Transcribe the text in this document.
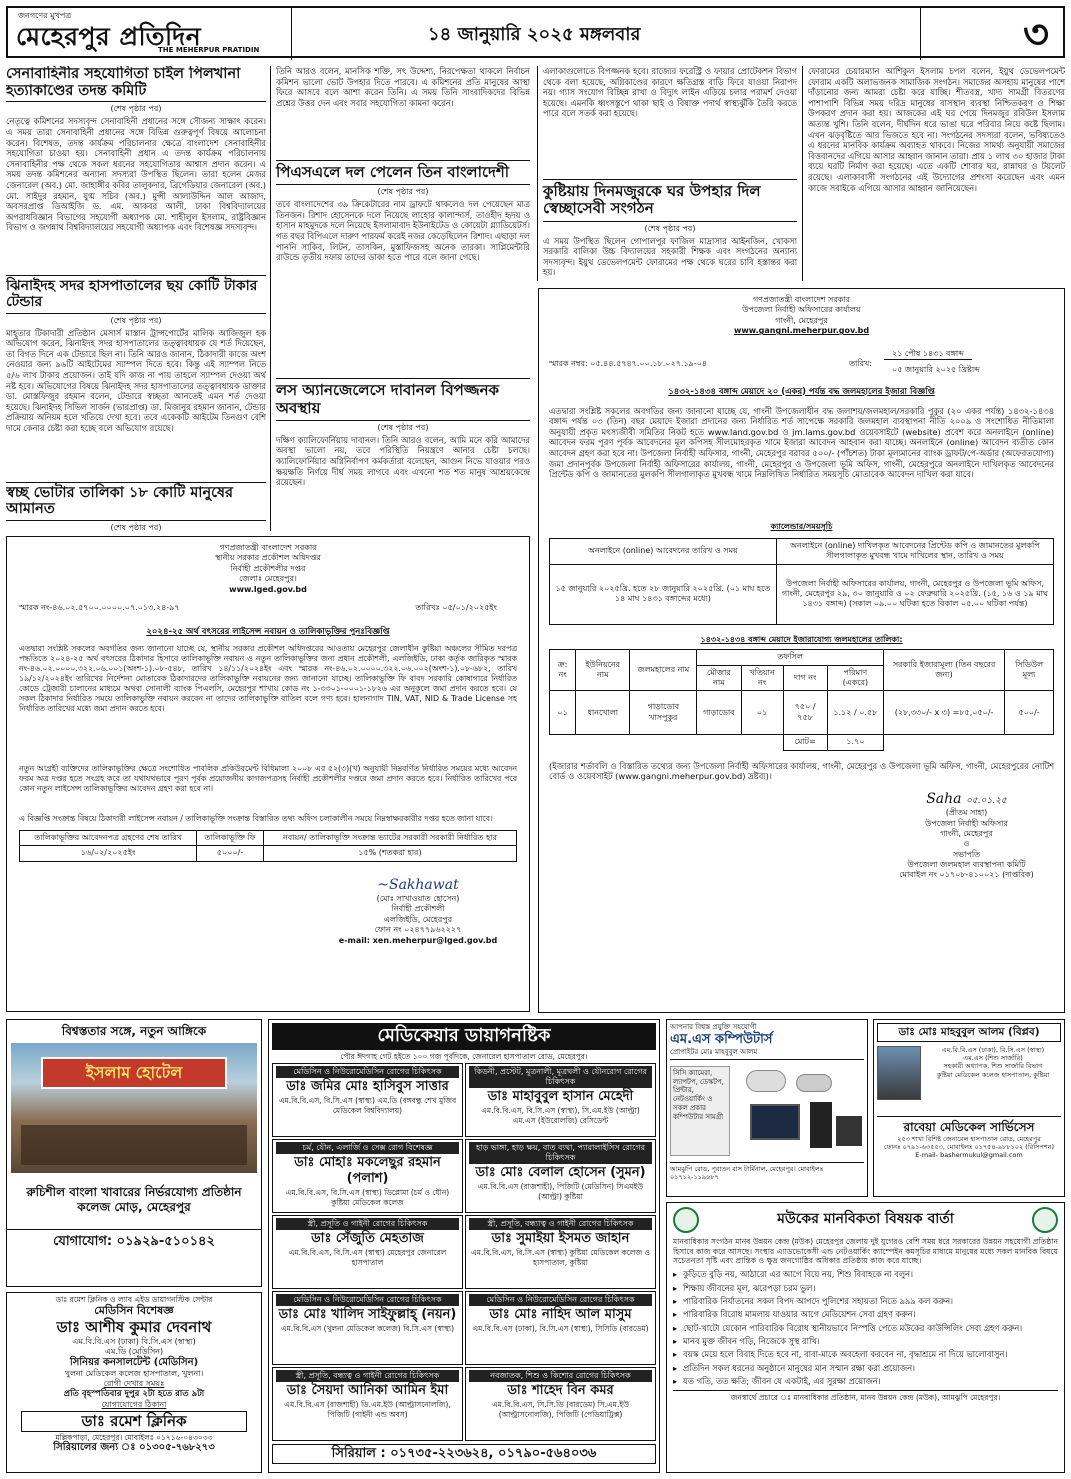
জনগণের মুখপত্র
মেহেরপুর প্রতিদিন
THE MEHERPUR PRATIDIN
১৪ জানুয়ারি ২০২৫ মঙ্গলবার	৩
সেনাবাহিনীর সহযোগিতা চাইল পিলখানা হত্যাকাণ্ডের তদন্ত কমিটি
(শেষ পৃষ্ঠার পর)
নেতৃত্বে কমিশনের সদস্যবৃন্দ সেনাবাহিনী প্রধানের সঙ্গে সৌজন্য সাক্ষাৎ করেন। এ সময় তারা সেনাবাহিনী প্রধানের সঙ্গে বিভিন্ন গুরুত্বপূর্ণ বিষয়ে আলোচনা করেন। বিশেষত, তদন্ত কার্যক্রম পরিচালনার ক্ষেত্রে বাংলাদেশ সেনাবাহিনীর সহযোগিতা চাওয়া হয়। সেনাবাহিনী প্রধান এ তদন্ত কার্যক্রম পরিচালনায় সেনাবাহিনীর পক্ষ থেকে সকল ধরনের সহযোগিতার আশ্বাস প্রদান করেন। এ সময় তদন্ত কমিশনের অন্যান্য সদস্যরা উপস্থিত ছিলেন। তারা হলেন মেজর জেনারেল (অব.) মো. জাহাঙ্গীর কবির তালুকদার, ব্রিগেডিয়ার জেনারেল (অব.) মো. সাইদুর রহমান, যুগ্ম সচিব (অব.) মুন্সী আলাউদ্দিন আল আজাদ, অবসরপ্রাপ্ত ডিআইজি ড. এম. আকবর আলী, ঢাকা বিশ্ববিদ্যালয়ের অপরাধবিজ্ঞান বিভাগের সহযোগী অধ্যাপক মো. শাহীলুল ইসলাম, রাষ্ট্রবিজ্ঞান বিভাগ ও জগন্নাথ বিশ্ববিদ্যালয়ের সহযোগী অধ্যাপক এবং বিশেষজ্ঞ সদস্যবৃন্দ।
ঝিনাইদহ সদর হাসপাতালের ছয় কোটি টাকার টেন্ডার
(শেষ পৃষ্ঠার পর)
মাহ্তার টিকাদারী প্রতিষ্ঠান মেসার্স মাস্তান ট্রান্সপোর্টের মালিক আজিজুল হক অভিযোগ করেন, ঝিনাইদহ সদর হাসপাতালের তত্ত্বাবধায়ক যে শর্ত দিয়েছেন, তা বিগত দিনে এক টেন্ডারে ছিল না। তিনি আরও জানান, ঠিকাদারী কাজে অংশ নেওয়ার জন্য ৯৬টি আইটেমের স্যাম্পল দিতে হবে। কিন্তু এই স্যাম্পল নিতে ৫/৬ লাখ টাকার প্রয়োজন। তাই যদি কাজ না পায় তাহলে স্যাম্পল দেওয়া অর্থ নষ্ট হবে। অভিযোগের বিষয়ে ঝিনাইদহ সদর হাসপাতালের তত্ত্বাবধায়ক ডাক্তার ডা. মোস্তফিজুর রহমান বলেন, টেন্ডারে স্বচ্ছতা আনতেই এমন শর্ত দেওয়া হয়েছে। ঝিনাইদহ সিভিল সার্জন (ভারপ্রাপ্ত) ডা. মিজানুর রহমান জানান, টেন্ডার প্রক্রিয়ায় অনিয়ম হলে খতিয়ে দেখা হবে। তবে একেকটি আইটেম তিনগুণ বেশি দামে কেনার চেষ্টা করা হচ্ছে বলে অভিযোগ রয়েছে।
স্বচ্ছ ভোটার তালিকা ১৮ কোটি মানুষের আমানত
(শেষ পৃষ্ঠার পর)
তিনি আরও বলেন, মানসিক শক্তি, সৎ উদ্দেশ্য, নিরপেক্ষতা থাকলে নির্বাচন কমিশন ভালো ভোট উপহার দিতে পারবে। এ কমিশনের প্রতি মানুষের আস্থা ফিরে আসবে বলে আশা করেন তিনি। এ সময় তিনি সাংবাদিকদের বিভিন্ন প্রশ্নের উত্তর দেন এবং সবার সহযোগিতা কামনা করেন।
পিএসএলে দল পেলেন তিন বাংলাদেশী
(শেষ পৃষ্ঠার পর)
তবে বাংলাদেশের ৩৯ ক্রিকেটারের নাম ড্রাফটে থাকলেও দল পেয়েছেন মাত্র তিনজন। রিশাদ হোসেনকে দলে নিয়েছে লাহোর কালান্দার্স, তাওহীদ হৃদয় ও হাসান মাহমুদকে দলে নিয়েছে ইসলামাবাদ ইউনাইটেড ও কোয়েটা গ্ল্যাডিয়েটর্স। গত বছর বিপিএলে দারুণ পারফর্ম করেই নজর কেড়েছিলেন রিশাদ। এছাড়া দল পাননি সাকিব, লিটন, তাসকিন, মুস্তাফিজসহ অনেক তারকা। সাপ্লিমেন্টারি রাউন্ডে তৃতীয় দফায় তাদের ডাকা হতে পারে বলে জানা গেছে।
লস অ্যানজেলেসে দাবানল বিপজ্জনক অবস্থায়
(শেষ পৃষ্ঠার পর)
দক্ষিণ ক্যালিফোর্নিয়ায় দাবানল। তিনি আরও বলেন, আমি মনে করি আমাদের অবস্থা ভালো নয়, তবে পরিস্থিতি নিয়ন্ত্রণে আনার চেষ্টা চলছে। ক্যালিফোর্নিয়ার অগ্নিনির্বাপণ কর্মকর্তারা বলেছেন, আগুন নিভে যাওয়ার পরও ক্ষয়ক্ষতি নির্ণয়ে দীর্ঘ সময় লাগবে এবং এখনো শত শত মানুষ আশ্রয়কেন্দ্রে রয়েছেন।
এলাকাগুলোতে বিপজ্জনক হবে। রাজ্যের ফরেস্ট্রি ও ফায়ার প্রোটেকশন বিভাগ থেকে বলা হয়েছে, অগ্নিকাণ্ডের কারণে ক্ষতিগ্রস্ত বাড়ি ফিরে যাওয়া নিরাপদ নয়। গ্যাস সংযোগ বিচ্ছিন্ন রাখা ও বিদ্যুৎ লাইন এড়িয়ে চলার পরামর্শ দেওয়া হয়েছে। এমনকি ধ্বংসস্তূপে থাকা ছাই ও বিষাক্ত পদার্থ স্বাস্থ্যঝুঁকি তৈরি করতে পারে বলে সতর্ক করা হয়েছে।
কুষ্টিয়ায় দিনমজুরকে ঘর উপহার দিল স্বেচ্ছাসেবী সংগঠন
(শেষ পৃষ্ঠার পর)
এ সময় উপস্থিত ছিলেন গোপালপুর ফাজিল মাদ্রাসার আইনজিন, খোকসা সরকারি বালিকা উচ্চ বিদ্যালয়ের সহকারী শিক্ষক এবং সংগঠনের অন্যান্য সদস্যবৃন্দ। ইয়ুথ ডেভেলপমেন্ট ফোরামের পক্ষ থেকে ঘরের চাবি হস্তান্তর করা হয়।
ফোরামের চেয়ারম্যান আশিকুল ইসলাম চপল বলেন, ইয়ুথ ডেভেলপমেন্ট ফোরাম একটি অলাভজনক সামাজিক সংগঠন। সমাজের অসহায় মানুষের পাশে দাঁড়ানোর জন্য আমরা চেষ্টা করে যাচ্ছি। শীতবস্ত্র, খাদ্য সামগ্রী বিতরণের পাশাপাশি বিভিন্ন সময় দরিদ্র মানুষের বাসস্থান ব্যবস্থা নিশ্চিতকরণ ও শিক্ষা উপকরণ প্রদান করা হয়। আজকের এই ঘর পেয়ে দিনমজুর রবিউল ইসলাম অত্যন্ত খুশি। তিনি বলেন, দীর্ঘদিন ধরে ভাঙা ঘরে পরিবার নিয়ে কষ্টে ছিলাম। এখন ঝড়বৃষ্টিতে আর ভিজতে হবে না। সংগঠনের সদস্যরা বলেন, ভবিষ্যতেও এ ধরনের মানবিক কার্যক্রম অব্যাহত থাকবে। নিজের সামর্থ্য অনুযায়ী সমাজের বিত্তবানদের এগিয়ে আসার আহ্বান জানান তারা। প্রায় ১ লাখ ৩০ হাজার টাকা ব্যয়ে ঘরটি নির্মাণ করা হয়েছে। এতে একটি শোবার ঘর, রান্নাঘর ও টয়লেট রয়েছে। এলাকাবাসী সংগঠনের এই উদ্যোগের প্রশংসা করেছেন এবং এমন কাজে সবাইকে এগিয়ে আসার আহ্বান জানিয়েছেন।
গণপ্রজাতন্ত্রী বাংলাদেশ সরকার
উপজেলা নির্বাহী অফিসারের কার্যালয়
গাংনী, মেহেরপুর
www.gangni.meherpur.gov.bd
স্মারক নম্বর: ০৫.৪৪.৫৭৪৭.০০.১৮.০২৭.১৯-০৪	তারিখ:
২১ পৌষ ১৪৩১ বঙ্গাব্দ
০৫ জানুয়ারি ২০২৫ খ্রিষ্টাব্দ
১৪৩২-১৪৩৪ বঙ্গাব্দ মেয়াদে ২০ (একর) পর্যন্ত বদ্ধ জলমহালের ইজারা বিজ্ঞপ্তি
এতদ্বারা সংশ্লিষ্ট সকলের অবগতির জন্য জানানো যাচ্ছে যে, গাংনী উপজেলাধীন বদ্ধ জলাশয়/জলমহাল/সরকারি পুকুর (২০ একর পর্যন্ত) ১৪৩২-১৪৩৪ বঙ্গাব্দ পর্যন্ত ০৩ (তিন) বছর মেয়াদে ইজারা প্রদানের জন্য নির্ধারিত শর্ত সাপেক্ষে সরকারি জলমহাল ব্যবস্থাপনা নীতি ২০০৯ ও সংশোধিত নীতিমালা অনুযায়ী প্রকৃত মৎস্যজীবী সমিতির নিকট হতে www.land.gov.bd ও jm.lams.gov.bd ওয়েবসাইটে (website) প্রবেশ করে অনলাইনে (online) আবেদন ফরম পূরণ পূর্বক আবেদনের মূল কপিসহ সীলমোহরকৃত খামে ইজারা আবেদন আহবান করা যাচ্ছে। অনলাইনে (online) আবেদন ব্যতীত কোন আবেদন গ্রহণ করা হবে না। উপজেলা নির্বাহী অফিসার, গাংনী, মেহেরপুর বরাবর ৫০০/- (পাঁচশত) টাকা মূল্যমানের ব্যাংক ড্রাফট/পে-অর্ডার (অফেরতযোগ্য) জমা প্রদানপূর্বক উপজেলা নির্বাহী অফিসারের কার্যালয়, গাংনী, মেহেরপুর ও উপজেলা ভূমি অফিস, গাংনী, মেহেরপুরে অনলাইনে দাখিলকৃত আবেদনের প্রিন্টেড কপি ও জামানতের মুলকপি সীলগালাকৃত মুখবন্ধ খামে নিম্নলিখিত নির্ধারিত সময়সূচি মোতাবেক আবেদন দাখিল করা যাবে।
ক্যালেন্ডার/সময়সূচি
অনলাইনে (online) আবেদনের তারিখ ও সময়	অনলাইনে (online) দাখিলকৃত আবেদনের প্রিন্টেড কপি ও জামানতের মুলকপি সীলগালাকৃত মুখবন্ধ খামে দাখিলের স্থান, তারিখ ও সময়
১৫ জানুয়ারি ২০২৫খ্রি. হতে ২৮ জানুয়ারি ২০২৫খ্রি. (০১ মাঘ হতে ১৪ মাঘ ১৪৩১ বঙ্গাব্দের মধ্যে)	উপজেলা নির্বাহী অফিসারের কার্যালয়, গাংনী, মেহেরপুর ও উপজেলা ভূমি অফিস, গাংনী, মেহেরপুর ২৯, ৩০ জানুয়ারি ও ০২ ফেব্রুয়ারি ২০২৫খ্রি. (১৫, ১৬ ও ১৯ মাঘ ১৪৩১ বঙ্গাব্দ) (সকাল ০৯.০০ ঘটিকা হতে বিকাল ০৫.০০ ঘটিকা পর্যন্ত)
১৪৩২-১৪৩৪ বঙ্গাব্দ মেয়াদে ইজারাযোগ্য জলমহালের তালিকা:
ক্র: নং	ইউনিয়নের নাম	জলমহালের নাম	তফসিল				সরকারি ইজারামূল্য (তিন বছরের জন্য)	সিডিউল মূল্য
			মৌজার নাম	খতিয়ান নং	দাগ নং	পরিমাণ (একরে)		
০১	ধানখোলা	গাড়াডোব খাসপুকুর	গাড়াডোব	০১	৭৫০ / ৭৫৮	১.১২ / ০.৫৮	(২৮,৩৩০/- x ৩) =৮৫,০৫০/-	৫০০/-
					মোট=	১.৭০		
(ইজারার শর্তাবলি ও বিস্তারিত তথ্যের জন্য উপজেলা নির্বাহী অফিসারের কার্যালয়, গাংনী, মেহেরপুর ও উপজেলা ভূমি অফিস, গাংনী, মেহেরপুরের নোটিশ বোর্ড ও ওয়েবসাইট (www.gangni.meherpur.gov.bd) দ্রষ্টব্য)।
Saha ০৫.০১.২৫
(প্রীতম সাহা)
উপজেলা নির্বাহী অফিসার
গাংনী, মেহেরপুর
ও
সভাপতি
উপজেলা জলমহাল ব্যবস্থাপনা কমিটি
মোবাইল নং ০১৭০৮-৪১০০২১ (দাপ্তরিক)
গণপ্রজাতন্ত্রী বাংলাদেশ সরকার
স্থানীয় সরকার প্রকৌশল অধিদপ্তর
নির্বাহী প্রকৌশলীর দপ্তর
জেলাঃ মেহেরপুর।
www.lged.gov.bd
স্মারক নং-৪৬.০২.৫৭০০.০০০০.০৭.০১৩.২৪-৯৭	তারিখঃ ০৫/০১/২০২৫ইং
২০২৪-২৫ অর্থ বৎসরের লাইসেন্স নবায়ন ও তালিকাভূক্তির পুনঃবিজ্ঞপ্তি
এতদ্বারা সংশ্লিষ্ট সকলের অবগতির জন্য জানানো যাচ্ছে যে, স্থানীয় সরকার প্রকৌশল অধিদপ্তরের আওতায় মেহেরপুর জেলাধীন কুষ্টিয়া অঞ্চলের সীমিত দরপত্র পদ্ধতিতে ২০২৪-২৫ অর্থ বৎসরের ঠিকাদার হিসাবে তালিকাভূক্তি নবায়ন ও নতুন তালিকাভূক্তির জন্য প্রধান প্রকৌশলী, এলজিইডি, ঢাকা কর্তৃক জারিকৃত স্মারক নং-৪৬.০২.০০০০.৩২২.০৬.০০১(অংশ-১).০৮-৫৪৮, তারিখ ১৪/১১/২০২৪ইং এবং স্মারক নং-৪৬.০২.০০০০.৩২২.০৬.০০২(অংশ-১).০৮-৬৮২, তারিখ ১৯/১২/২০২৪ইং তারিখের নির্দেশনা মোতাবেক ঠিকাদারদের তালিকাভুক্তি নবায়নের জন্য জানানো যাচ্ছে। তালিকাভুক্তি ফি বাবদ সরকারি কোষাগারে নির্ধারিত কোডে ট্রেজারী চালানের মাধ্যমে অথবা সোনালী ব্যাংক পিএলসি, মেহেরপুর শাখায় কোড নং ১-৩৩০১-০০০১-১৮২৬ এর অনুকূলে জমা প্রদান করতে হবে। যে সকল ঠিকাদার নির্ধারিত সময়ে তালিকাভুক্তি নবায়ন করবেন না তাদের তালিকাভুক্তি বাতিল বলে গণ্য হবে। হালনাগাদ TIN, VAT, NID & Trade License সহ নির্ধারিত তারিখের মধ্যে জমা প্রদান করতে হবে।
নতুন আগ্রহী ব্যক্তিদের তালিকাভূক্তির ক্ষেত্রে সংশোধিত পাবলিক প্রকিউরমেন্ট বিধিমালা ২০০৮ এর ৫২(৩)(খ) অনুযায়ী নিম্নবর্ণিত নির্ধারিত সময়ের মধ্যে আবেদন ফরম অত্র দপ্তর হতে সংগ্রহ করে তা যথাযথভাবে পূরণ পূর্বক প্রয়োজনীয় কাগজপত্রসহ নির্বাহী প্রকৌশলীর দপ্তরে জমা প্রদান করতে হবে। নির্ধারিত তারিখের পরে কোন নতুন লাইসেন্স তালিকাভূক্তির আবেদন গ্রহণ করা হবে না।
এ বিজ্ঞপ্তি সংক্রান্ত বিষয়ে ঠিকাদারী লাইসেন্স নবায়ন / তালিকাভূক্তি সংক্রান্ত বিস্তারিত তথ্য অফিস চলাকালীন সময়ে নিম্নস্বাক্ষরকারীর দপ্তর হতে জানা যাবে।
তালিকাভূক্তির আবেদনপত্র গ্রহণের শেষ তারিখ	তালিকাভূক্তি ফি	নবায়ন/ তালিকাভূক্তি সংক্রান্ত ভ্যাটের সরকারী সরকারী নির্ধারিত হার
১৬/০২/২০২৫ইং	৫০০০/-	১৫% (শতকরা হার)
~Sakhawat
(মোঃ সাখাওয়াত হোসেন)
নির্বাহী প্রকৌশলী
এলজিইডি, মেহেরপুর
ফোন নং ০২৪৭৭৯৬২২২৭
e-mail: xen.meherpur@lged.gov.bd
বিশ্বস্ততার সঙ্গে, নতুন আঙ্গিকে
ইসলাম হোটেল
রুচিশীল বাংলা খাবারের নির্ভরযোগ্য প্রতিষ্ঠান
কলেজ মোড়, মেহেরপুর
যোগাযোগ: ০১৯২৯-৫১০১৪২
ডাঃ রমেশ ক্লিনিক ও ল্যাব এইড ডায়াগনস্টিক সেন্টার
মেডিসিন বিশেষজ্ঞ
ডাঃ আশীষ কুমার দেবনাথ
এম.বি.বি.এস (ঢাকা) বি.সি.এস (স্বাস্থ্য)
এম.ডি (মেডিসিন)
সিনিয়র কনসালটেন্ট (মেডিসিন)
খুলনা মেডিকেল কলেজ হাসপাতাল, খুলনা।
রোগী দেখার সময়ঃ
প্রতি বৃহস্পতিবার দুপুর ২টা হতে রাত ৯টা
যোগাযোগের ঠিকানা
ডাঃ রমেশ ক্লিনিক
মল্লিকপাড়া, মেহেরপুর। মোবাইলঃ ০১৭১৬-০৪৩০৩৩
সিরিয়ালের জন্য ঃ ০১৩০৫-৭৬৮২৭৩
মেডিকেয়ার ডায়াগনষ্টিক
পৌর ঈদগাহ গেট হইতে ১০০ গজ পূর্বদিকে, জেনারেল হাসপাতাল রোড, মেহেরপুর।
মেডিসিন ও নিউরোমেডিসিন রোগের চিকিৎসক
ডাঃ জমির মোঃ হাসিবুস সাত্তার
এম.বি.বি.এস, বি.সি.এস (স্বাস্থ্য) এম.ডি (বঙ্গবন্ধু শেখ মুজিব মেডিকেল বিশ্ববিদ্যালয়)
কিডনী, প্রস্টেট, মূত্রনালী, মূত্রথলী ও যৌনরোগ রোগের চিকিৎসক
ডাঃ মাহাবুবুল হাসান মেহেদী
এম.বি.বি.এস, বি.সি.এস (স্বাস্থ্য), সি.এম.ইউ (আল্ট্রা) এম.এস (ইউরোলজি) রেসিডেন্ট
চর্ম, যৌন, এলার্জি ও সেক্স রোগ বিশেষজ্ঞ
ডাঃ মোহাঃ মকলেছুর রহমান (পলাশ)
এম.বি.বি.এস, বি.সি.এস (স্বাস্থ্য) ডিপ্লোমা (চর্ম ও যৌন) কুষ্টিয়া মেডিকেল কলেজ
হাড় ভাঙ্গা, হাড় ক্ষয়, বাত ব্যথা, প্যারালাইসিস রোগের চিকিৎসক
ডাঃ মোঃ বেলাল হোসেন (সুমন)
এম.বি.বি.এস (রাজশাহী), পিজিটি (মেডিসিন) সিএমইউ (আল্ট্রা) কুষ্টিয়া
স্ত্রী, প্রসূতি ও গাইনী রোগের চিকিৎসক
ডাঃ সেঁজুতি মেহতাজ
এম.বি.বি.এস, বি.সি.এস (স্বাস্থ্য) মেহেরপুর জেনারেল হাসপাতাল
স্ত্রী, প্রসূতি, বন্ধ্যাত্ব ও গাইনী রোগের চিকিৎসক
ডাঃ সুমাইয়া ইসমত জাহান
এম.বি.বি.এস, বি.সি.এস (স্বাস্থ্য) কুষ্টিয়া মেডিকেল কলেজ ও হাসপাতাল, কুষ্টিয়া
মেডিসিন ও নিউরোমেডিসিন রোগের চিকিৎসক
ডাঃ মোঃ খালিদ সাইফুল্লাহ্ (নয়ন)
এম.বি.বি.এস (খুলনা মেডিকেল কলেজ) বি.সি.এস (স্বাস্থ্য)
মেডিসিন ও নিউরোমেডিসিন রোগের চিকিৎসক
ডাঃ মোঃ নাহিদ আল মাসুম
এম.বি.বি.এস (ঢাকা), বি.সি.এস (স্বাস্থ্য), সিসিডি (বারডেম)
স্ত্রী, প্রসূতি, বন্ধ্যত্ব ও গাইনী রোগের চিকিৎসক
ডাঃ সৈয়দা আনিকা আমিন ইমা
এম.বি.বি.এস (রাজশাহী) ডি.এম.ইউ (আল্ট্রাসনোলজি), পিজিটি (গাইনী এন্ড অবস)
নবজাতক, শিশু ও কিশোর রোগের চিকিৎসক
ডাঃ শাহেদ বিন কমর
এম.বি.বি.এস, সি.সি.ডি (বারডেম) সি.এম.ইউ (আল্ট্রাসনোলজি), পিজিটি (পেডিয়াট্রিক্স)
সিরিয়াল : ০১৭৩৫-২২৩৬২৪, ০১৭৯০-৫৬৪০৩৬
আপনার বিশ্বস্ত প্রযুক্তি সহযোগী
এম.এস কম্পিউটার্স
প্রোপাইটর মোঃ মাহবুবুল আলম
সিসি ক্যামেরা, ল্যাপটপ, ডেস্কটপ, প্রিন্টার, নেটওয়ার্কিং ও সকল প্রকার কম্পিউটার সামগ্রী
আমঝুপি রোড, পুরাতন বাস টার্মিনাল, মেহেরপুর। মোবাইলঃ ০১৭১২-১১৯৬৮৭
ডাঃ মোঃ মাহবুবুল আলম (বিপ্লব)
এম.বি.বি.এস (ঢাকা), বি.সি.এস (স্বাস্থ্য)
এম.এস (শিশু সার্জারি)
সহকারী অধ্যাপক, শিশু সার্জারি বিভাগ
কুষ্টিয়া মেডিকেল কলেজ হাসপাতাল, কুষ্টিয়া
রাবেয়া মেডিকেল সার্ভিসেস
২৫৩ শাখা বিশিষ্ট জেনারেল হাসপাতাল রোড, মেহেরপুর
ফোনঃ ০৭৯১-৬৩৫৫৩, মোবাইলঃ ০১৭৫৪-৯৮৮১০২ (রিসিপশন)
E-mail- bashermukul@gmail.com
মউকের মানবিকতা বিষয়ক বার্তা
মানবাধিকার সংগঠন মানব উন্নয়ন কেন্দ্র (মউক) মেহেরপুর জেলায় দুই যুগেরও বেশি সময় ধরে সরকারের উন্নয়ন সহযোগী প্রতিষ্ঠান হিসাবে কাজ করে আসছে। সংস্থার এ্যাডভোকেসী এন্ড নেটওয়ার্কিং ক্যাম্পেইন কমসূচির মাধ্যমে মানুষের মধ্যে সকল মানবিক বিষয়ে সচেতনতা সৃষ্টি এবং প্রান্তিক ও ক্ষুদ্র জনগোষ্ঠির অধিকার প্রতিষ্ঠায় কাজ করে যাচ্ছে।
▸ কুড়িতে বুড়ি নয়, আঠারো এর আগে বিয়ে নয়, শিশু বিবাহকে না বলুন।
▸ শিক্ষায় জীবনের মূল, ঝরেপড়া চরম ভুল।
▸ পারিবারিক নির্যাতনের সকল বিপদ আপদে পুলিশের সহায়তা নিতে ৯৯৯ কল করুন।
▸ পারিবারিক বিরোধ মামলায় যাওয়ার আগে মেডিয়েশন সেবা গ্রহণ করুন।
▸ ছোট-খাটো যেকোন পারিবারিক বিরোধ স্থানীয়ভাবে নিস্পত্তি পেতে মউকের কাউন্সিলিং সেবা গ্রহণ করুন।
▸ মানব মুক্ত জীবন গড়ি, নিজেকে সুস্থ রাখি।
▸ বয়স্ক মেয়ে হলে বিবাহ দিতে হবে না, বাবা-মাকে অবহেলা করবেন না, বৃদ্ধাশ্রমে না দিয়ে ভালোবাসুন।
▸ প্রতিদিন সকল ধরনের অনুষ্ঠানে মানুষের মান সম্মান রক্ষা করা প্রয়োজন।
▸ যত গতি, তত ক্ষতি; জীবন যে একটাই, এর সুরক্ষা প্রয়োজন।
জনস্বার্থে প্রচারে ঃ মানবাধিকার প্রতিষ্ঠান, মানব উন্নয়ন কেন্দ্র (মউক), আমঝুপি মেহেরপুর।
